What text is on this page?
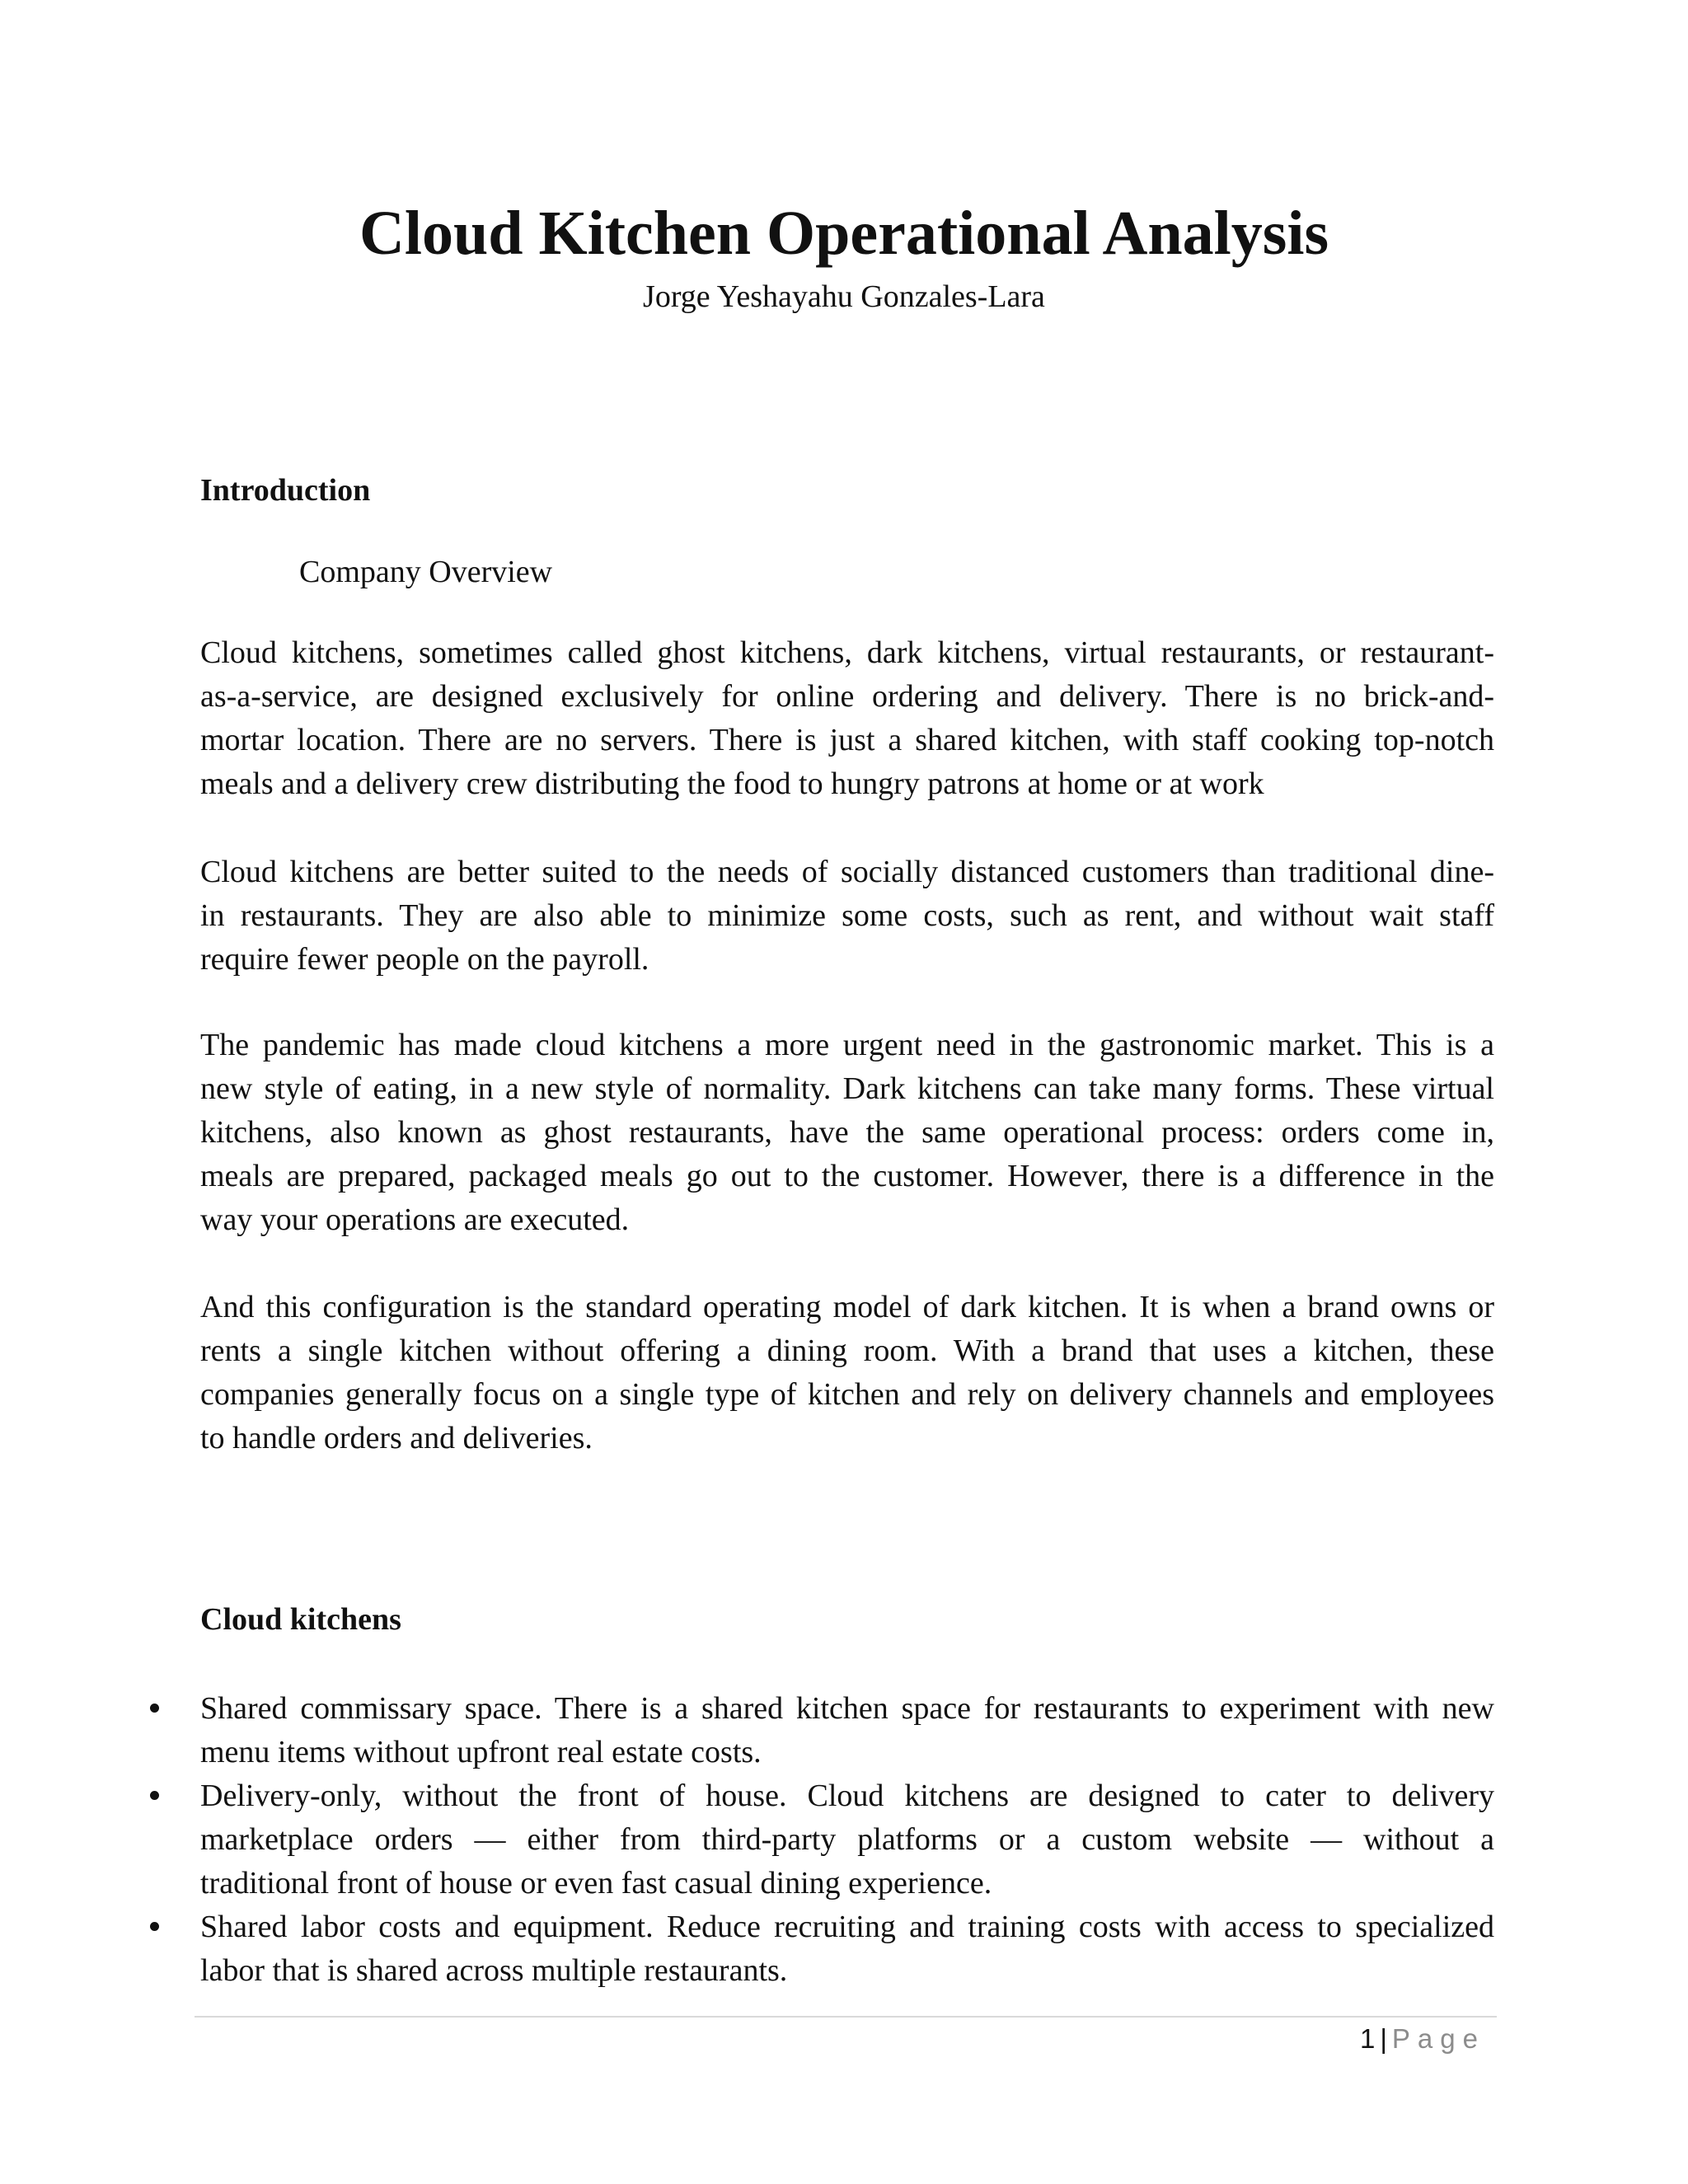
Cloud Kitchen Operational Analysis

Jorge Yeshayahu Gonzales-Lara

Introduction

Company Overview

Cloud kitchens, sometimes called ghost kitchens, dark kitchens, virtual restaurants, or restaurant-
as-a-service, are designed exclusively for online ordering and delivery. There is no brick-and-
mortar location. There are no servers. There is just a shared kitchen, with staff cooking top-notch
meals and a delivery crew distributing the food to hungry patrons at home or at work
Cloud kitchens are better suited to the needs of socially distanced customers than traditional dine-
in restaurants. They are also able to minimize some costs, such as rent, and without wait staff
require fewer people on the payroll.
The pandemic has made cloud kitchens a more urgent need in the gastronomic market. This is a
new style of eating, in a new style of normality. Dark kitchens can take many forms. These virtual
kitchens, also known as ghost restaurants, have the same operational process: orders come in,
meals are prepared, packaged meals go out to the customer. However, there is a difference in the
way your operations are executed.
And this configuration is the standard operating model of dark kitchen. It is when a brand owns or
rents a single kitchen without offering a dining room. With a brand that uses a kitchen, these
companies generally focus on a single type of kitchen and rely on delivery channels and employees
to handle orders and deliveries.
Cloud kitchens
Shared commissary space. There is a shared kitchen space for restaurants to experiment with new
menu items without upfront real estate costs.
Delivery-only, without the front of house. Cloud kitchens are designed to cater to delivery
marketplace orders — either from third-party platforms or a custom website — without a
traditional front of house or even fast casual dining experience.
Shared labor costs and equipment. Reduce recruiting and training costs with access to specialized
labor that is shared across multiple restaurants.
1 | Page
